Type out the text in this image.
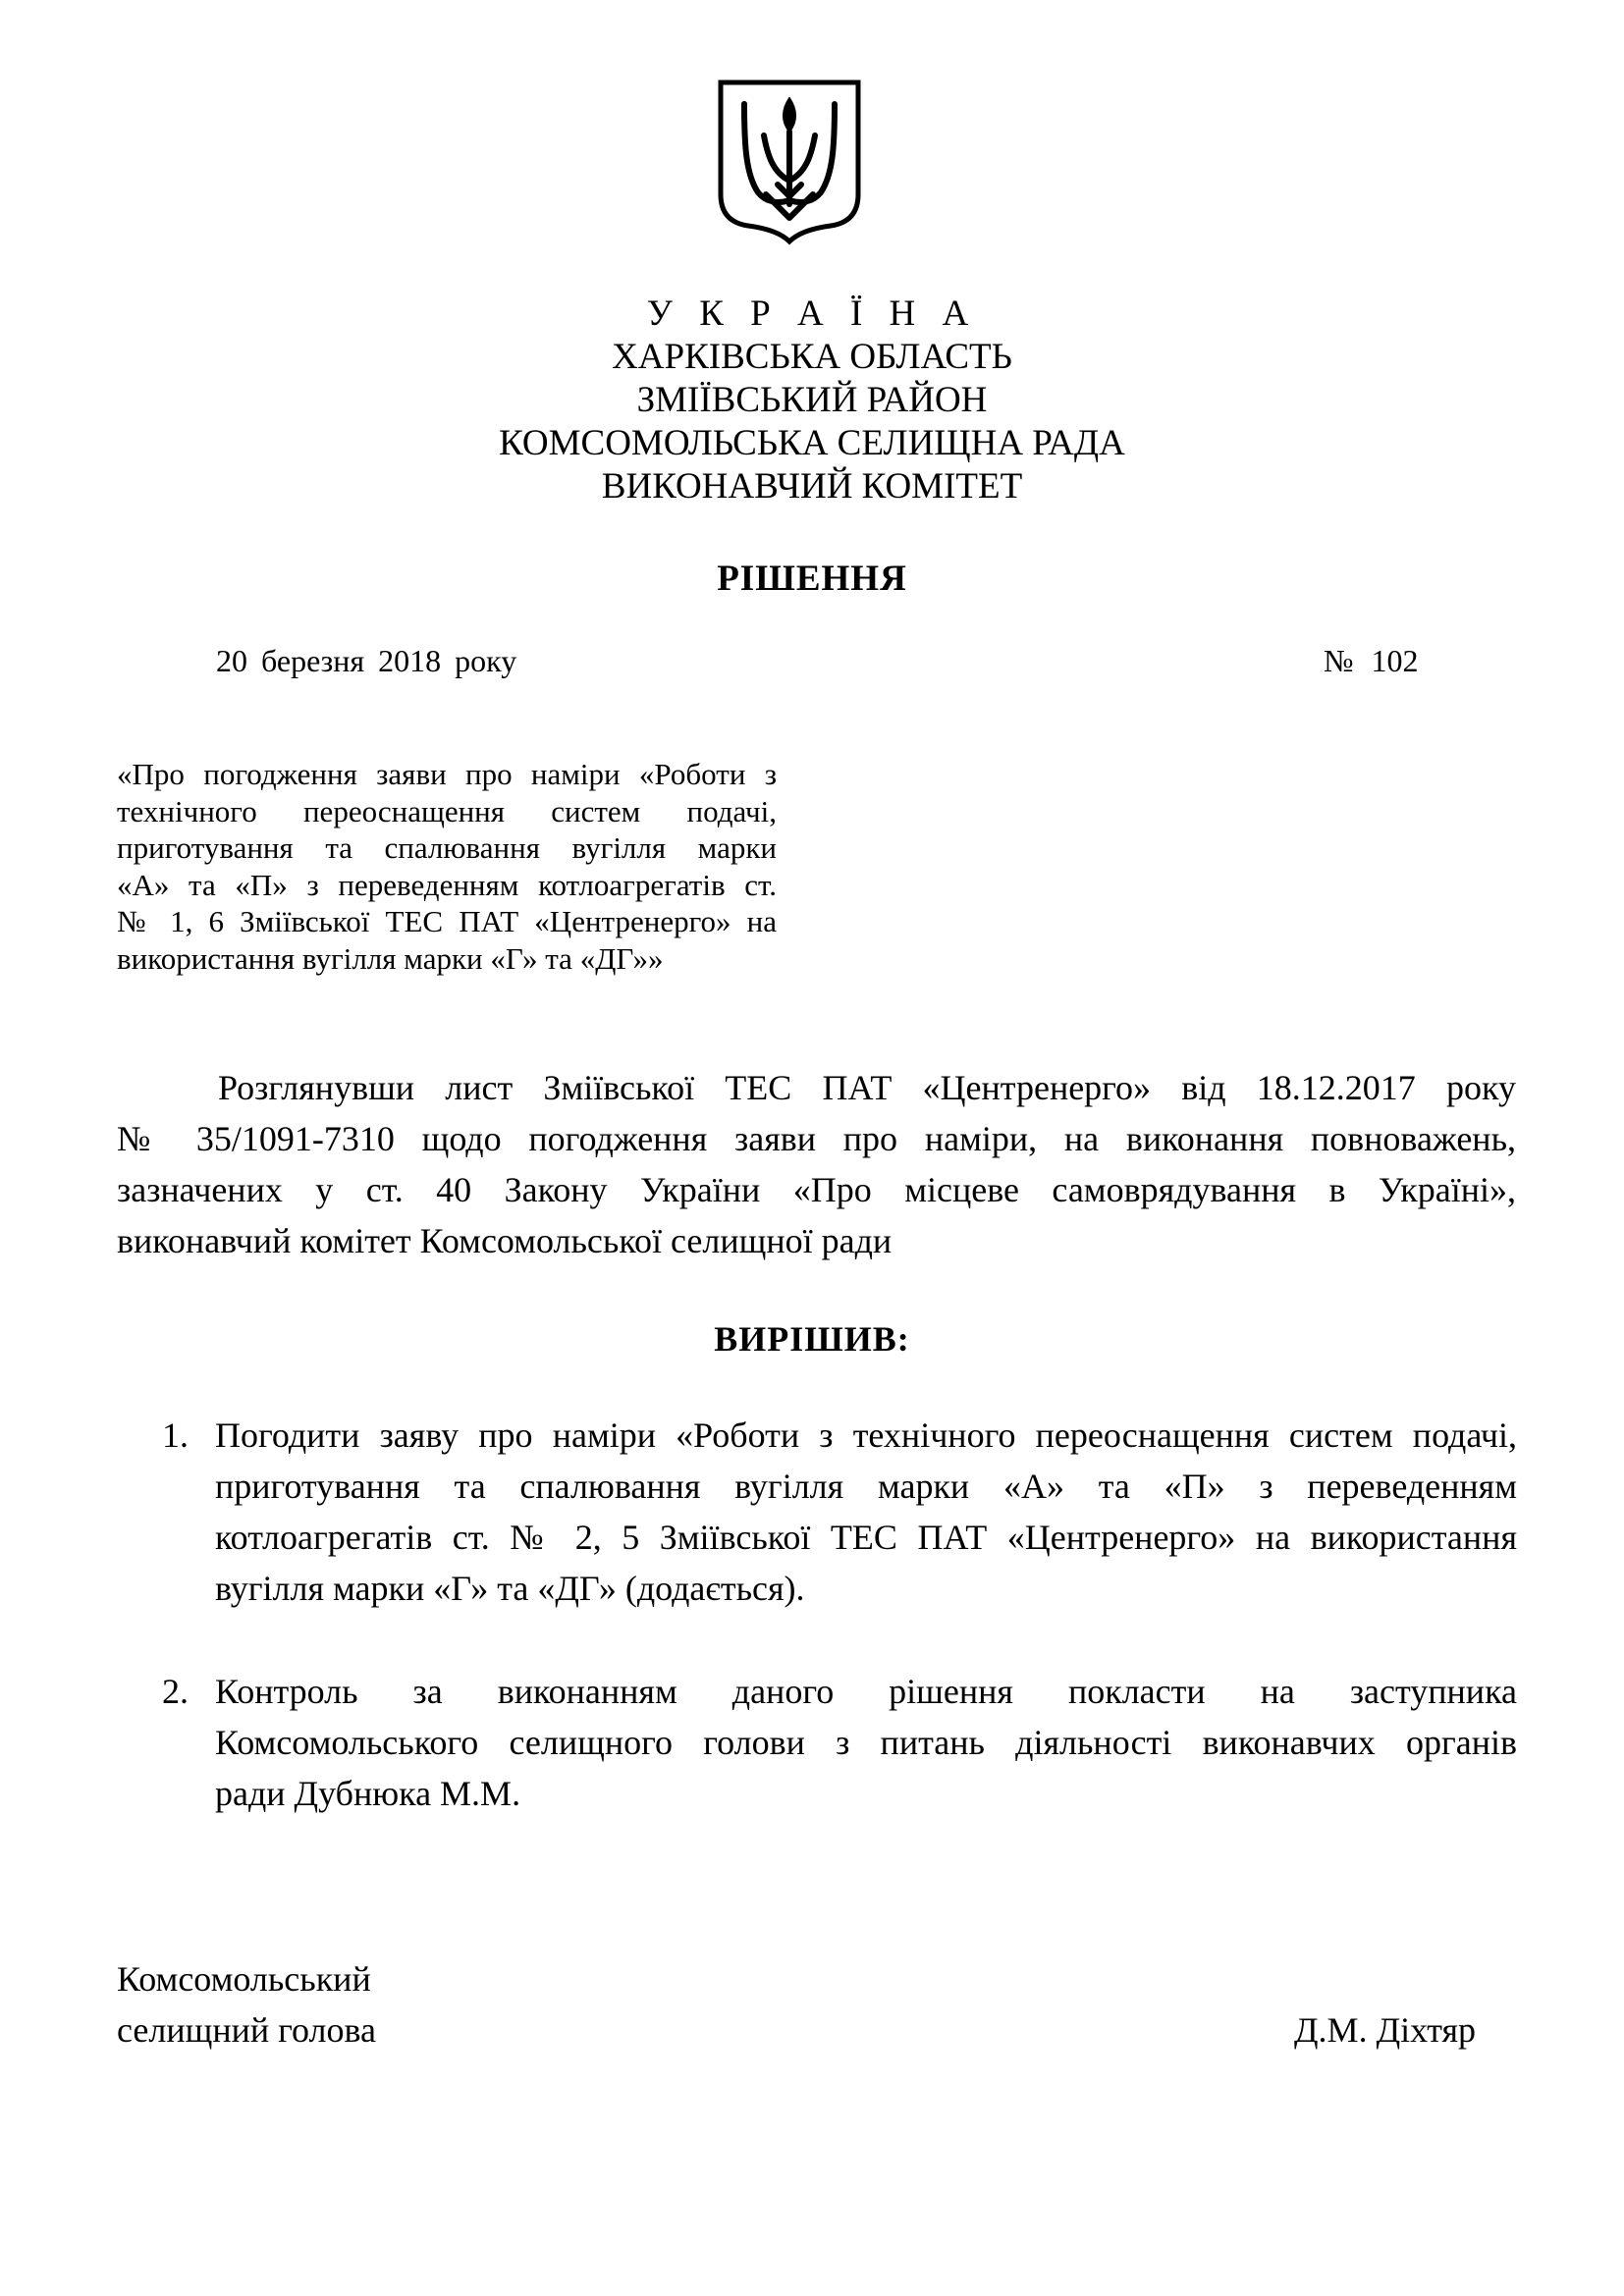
У К Р А Ї Н А
ХАРКІВСЬКА ОБЛАСТЬ
ЗМІЇВСЬКИЙ РАЙОН
КОМСОМОЛЬСЬКА СЕЛИЩНА РАДА
ВИКОНАВЧИЙ КОМІТЕТ
РІШЕННЯ
20 березня 2018 року	№ 102
«Про погодження заяви про наміри «Роботи з
технічного переоснащення систем подачі,
приготування та спалювання вугілля марки
«А» та «П» з переведенням котлоагрегатів ст.
№ 1, 6 Зміївської ТЕС ПАТ «Центренерго» на
використання вугілля марки «Г» та «ДГ»»
Розглянувши лист Зміївської ТЕС ПАТ «Центренерго» від 18.12.2017 року
№ 35/1091-7310 щодо погодження заяви про наміри, на виконання повноважень,
зазначених у ст. 40 Закону України «Про місцеве самоврядування в Україні»,
виконавчий комітет Комсомольської селищної ради
ВИРІШИВ:
1. Погодити заяву про наміри «Роботи з технічного переоснащення систем подачі,
приготування та спалювання вугілля марки «А» та «П» з переведенням
котлоагрегатів ст. № 2, 5 Зміївської ТЕС ПАТ «Центренерго» на використання
вугілля марки «Г» та «ДГ» (додається).
2. Контроль за виконанням даного рішення покласти на заступника
Комсомольського селищного голови з питань діяльності виконавчих органів
ради Дубнюка М.М.
Комсомольський
селищний голова	Д.М. Діхтяр
